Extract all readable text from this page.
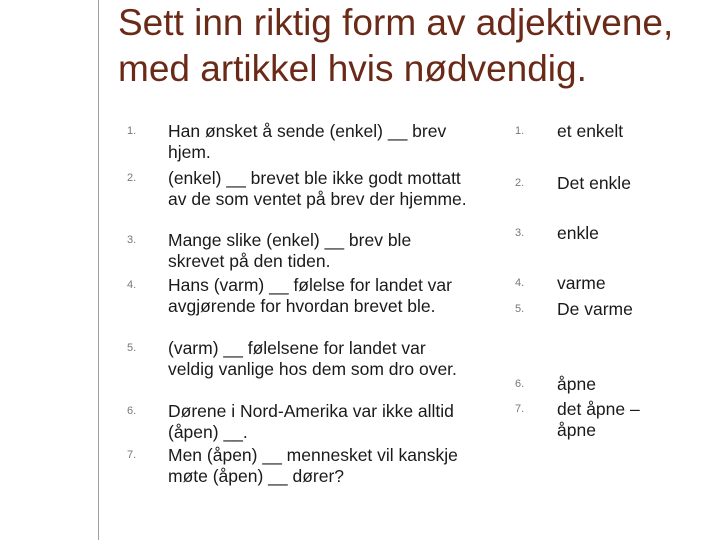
Sett inn riktig form av adjektivene, med artikkel hvis nødvendig.
1. Han ønsket å sende (enkel) __ brev hjem.
2. (enkel) __ brevet ble ikke godt mottatt av de som ventet på brev der hjemme.
3. Mange slike (enkel) __ brev ble skrevet på den tiden.
4. Hans (varm) __ følelse for landet var avgjørende for hvordan brevet ble.
5. (varm) __ følelsene for landet var veldig vanlige hos dem som dro over.
6. Dørene i Nord-Amerika var ikke alltid (åpen) __.
7. Men (åpen) __ mennesket vil kanskje møte (åpen) __ dører?
1. et enkelt
2. Det enkle
3. enkle
4. varme
5. De varme
6. åpne
7. det åpne – åpne
